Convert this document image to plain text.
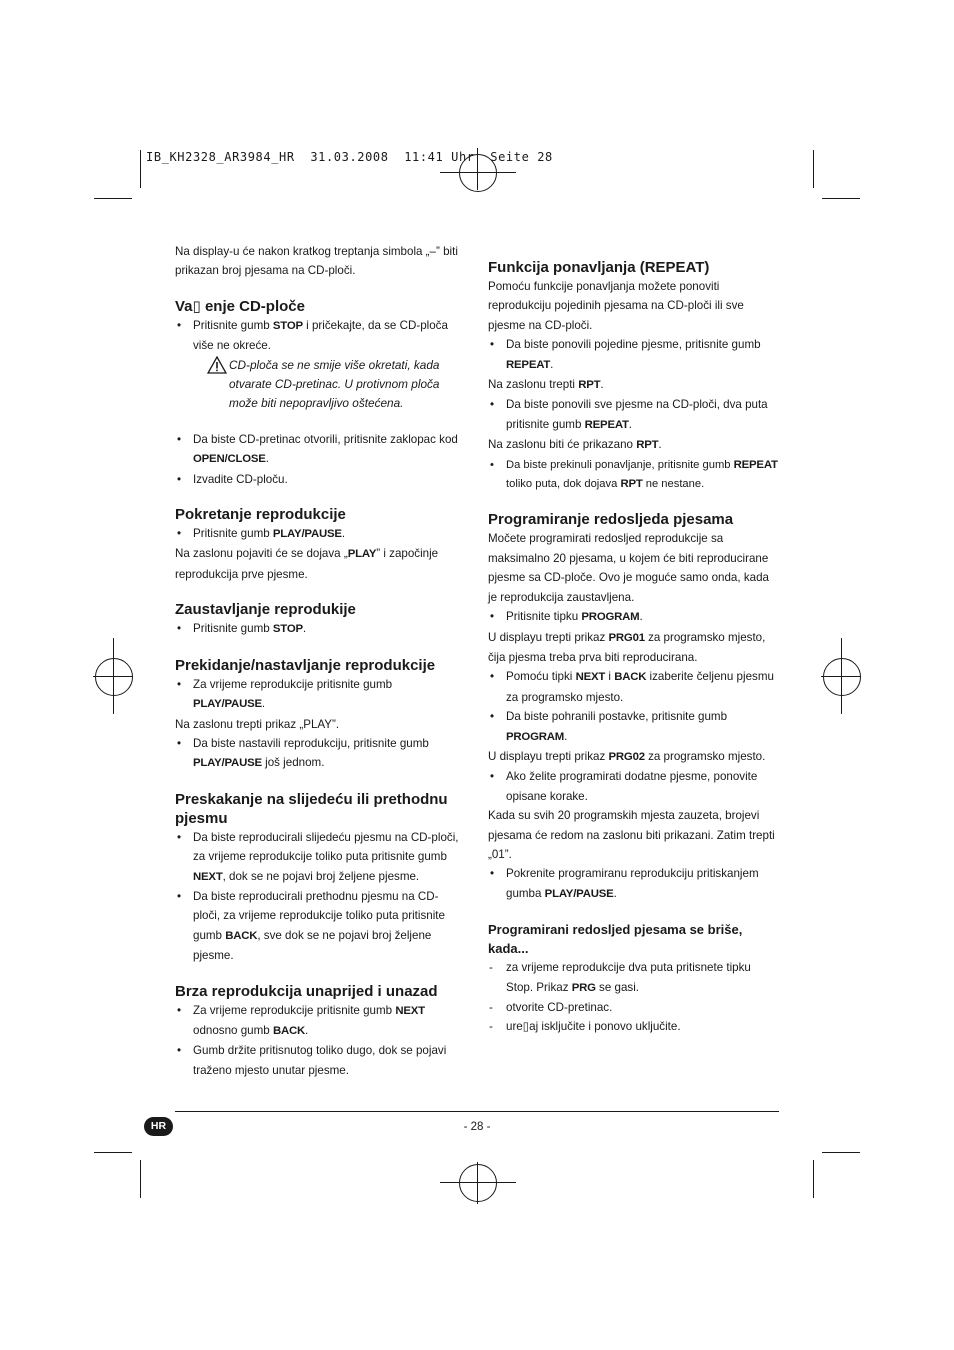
IB_KH2328_AR3984_HR  31.03.2008  11:41 Uhr  Seite 28

Na display-u će nakon kratkog treptanja simbola „–” biti prikazan broj pjesama na CD-ploči.

Va▯ enje CD-ploče
• Pritisnite gumb STOP i pričekajte, da se CD-ploča više ne okreće.
CD-ploča se ne smije više okretati, kada otvarate CD-pretinac. U protivnom ploča može biti nepopravljivo oštećena.
• Da biste CD-pretinac otvorili, pritisnite zaklopac kod OPEN/CLOSE.
• Izvadite CD-ploču.
Pokretanje reprodukcije
• Pritisnite gumb PLAY/PAUSE.

Na zaslonu pojaviti će se dojava „PLAY” i započinje reprodukcija prve pjesme.

Zaustavljanje reprodukije
• Pritisnite gumb STOP.
Prekidanje/nastavljanje reprodukcije
• Za vrijeme reprodukcije pritisnite gumb PLAY/PAUSE.

Na zaslonu trepti prikaz „PLAY”.

• Da biste nastavili reprodukciju, pritisnite gumb PLAY/PAUSE još jednom.
Preskakanje na slijedeću ili prethodnu pjesmu
• Da biste reproducirali slijedeću pjesmu na CD-ploči, za vrijeme reprodukcije toliko puta pritisnite gumb NEXT, dok se ne pojavi broj željene pjesme.
• Da biste reproducirali prethodnu pjesmu na CD-ploči, za vrijeme reprodukcije toliko puta pritisnite gumb BACK, sve dok se ne pojavi broj željene pjesme.
Brza reprodukcija unaprijed i unazad
• Za vrijeme reprodukcije pritisnite gumb NEXT odnosno gumb BACK.
• Gumb držite pritisnutog toliko dugo, dok se pojavi traženo mjesto unutar pjesme.
Funkcija ponavljanja (REPEAT)

Pomoću funkcije ponavljanja možete ponoviti reprodukciju pojedinih pjesama na CD-ploči ili sve pjesme na CD-ploči.

• Da biste ponovili pojedine pjesme, pritisnite gumb REPEAT.

Na zaslonu trepti RPT.

• Da biste ponovili sve pjesme na CD-ploči, dva puta pritisnite gumb REPEAT.

Na zaslonu biti će prikazano RPT.

• Da biste prekinuli ponavljanje, pritisnite gumb REPEAT toliko puta, dok dojava RPT ne nestane.
Programiranje redosljeda pjesama

Močete programirati redosljed reprodukcije sa maksimalno 20 pjesama, u kojem će biti reproducirane pjesme sa CD-ploče. Ovo je moguće samo onda, kada je reprodukcija zaustavljena.

• Pritisnite tipku PROGRAM.

U displayu trepti prikaz PRG01 za programsko mjesto, čija pjesma treba prva biti reproducirana.

• Pomoću tipki NEXT i BACK izaberite čeljenu pjesmu za programsko mjesto.
• Da biste pohranili postavke, pritisnite gumb PROGRAM.

U displayu trepti prikaz PRG02 za programsko mjesto.

• Ako želite programirati dodatne pjesme, ponovite opisane korake.

Kada su svih 20 programskih mjesta zauzeta, brojevi pjesama će redom na zaslonu biti prikazani. Zatim trepti „01”.

• Pokrenite programiranu reprodukciju pritiskanjem gumba PLAY/PAUSE.
Programirani redosljed pjesama se briše, kada...
- za vrijeme reprodukcije dva puta pritisnete tipku Stop. Prikaz PRG se gasi.
- otvorite CD-pretinac.
- ure▯aj isključite i ponovo uključite.
HR	- 28 -
